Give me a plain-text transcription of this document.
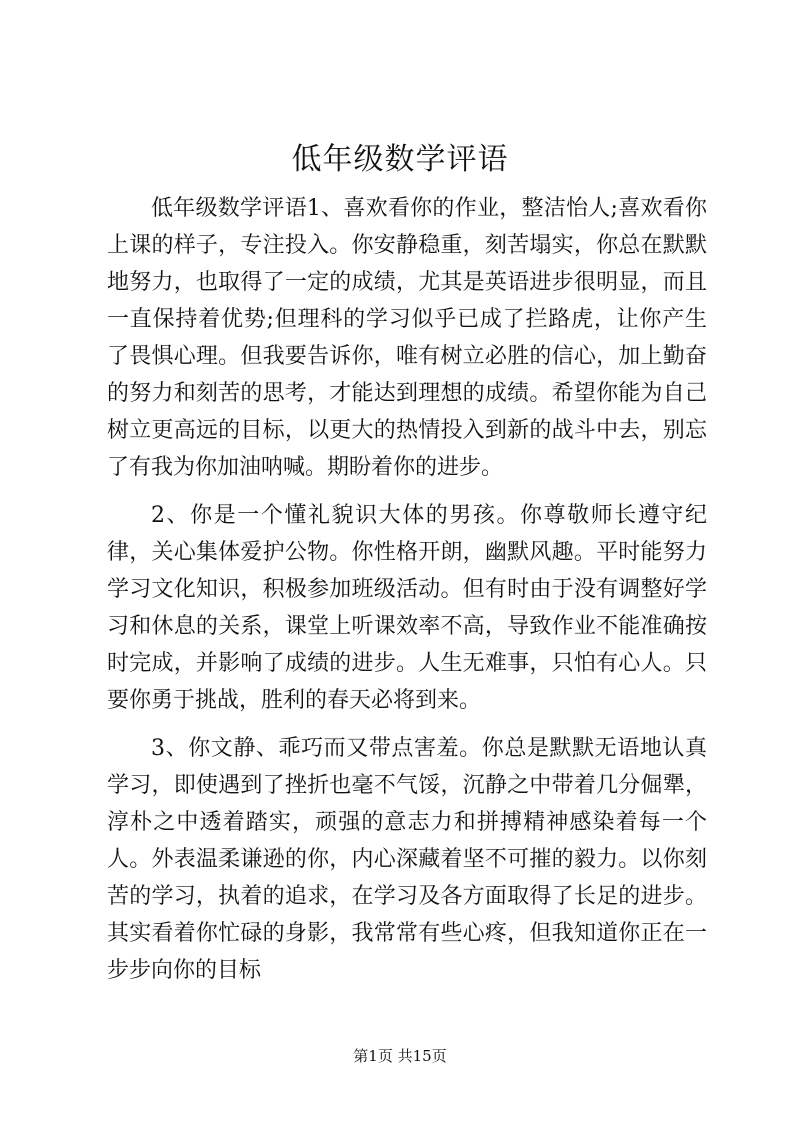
低年级数学评语

低年级数学评语1、喜欢看你的作业，整洁怡人;喜欢看你上课的样子，专注投入。你安静稳重，刻苦塌实，你总在默默地努力，也取得了一定的成绩，尤其是英语进步很明显，而且一直保持着优势;但理科的学习似乎已成了拦路虎，让你产生了畏惧心理。但我要告诉你，唯有树立必胜的信心，加上勤奋的努力和刻苦的思考，才能达到理想的成绩。希望你能为自己树立更高远的目标，以更大的热情投入到新的战斗中去，别忘了有我为你加油呐喊。期盼着你的进步。

2、你是一个懂礼貌识大体的男孩。你尊敬师长遵守纪律，关心集体爱护公物。你性格开朗，幽默风趣。平时能努力学习文化知识，积极参加班级活动。但有时由于没有调整好学习和休息的关系，课堂上听课效率不高，导致作业不能准确按时完成，并影响了成绩的进步。人生无难事，只怕有心人。只要你勇于挑战，胜利的春天必将到来。

3、你文静、乖巧而又带点害羞。你总是默默无语地认真学习，即使遇到了挫折也毫不气馁，沉静之中带着几分倔犟，淳朴之中透着踏实，顽强的意志力和拼搏精神感染着每一个人。外表温柔谦逊的你，内心深藏着坚不可摧的毅力。以你刻苦的学习，执着的追求，在学习及各方面取得了长足的进步。其实看着你忙碌的身影，我常常有些心疼，但我知道你正在一步步向你的目标

第1页 共15页
